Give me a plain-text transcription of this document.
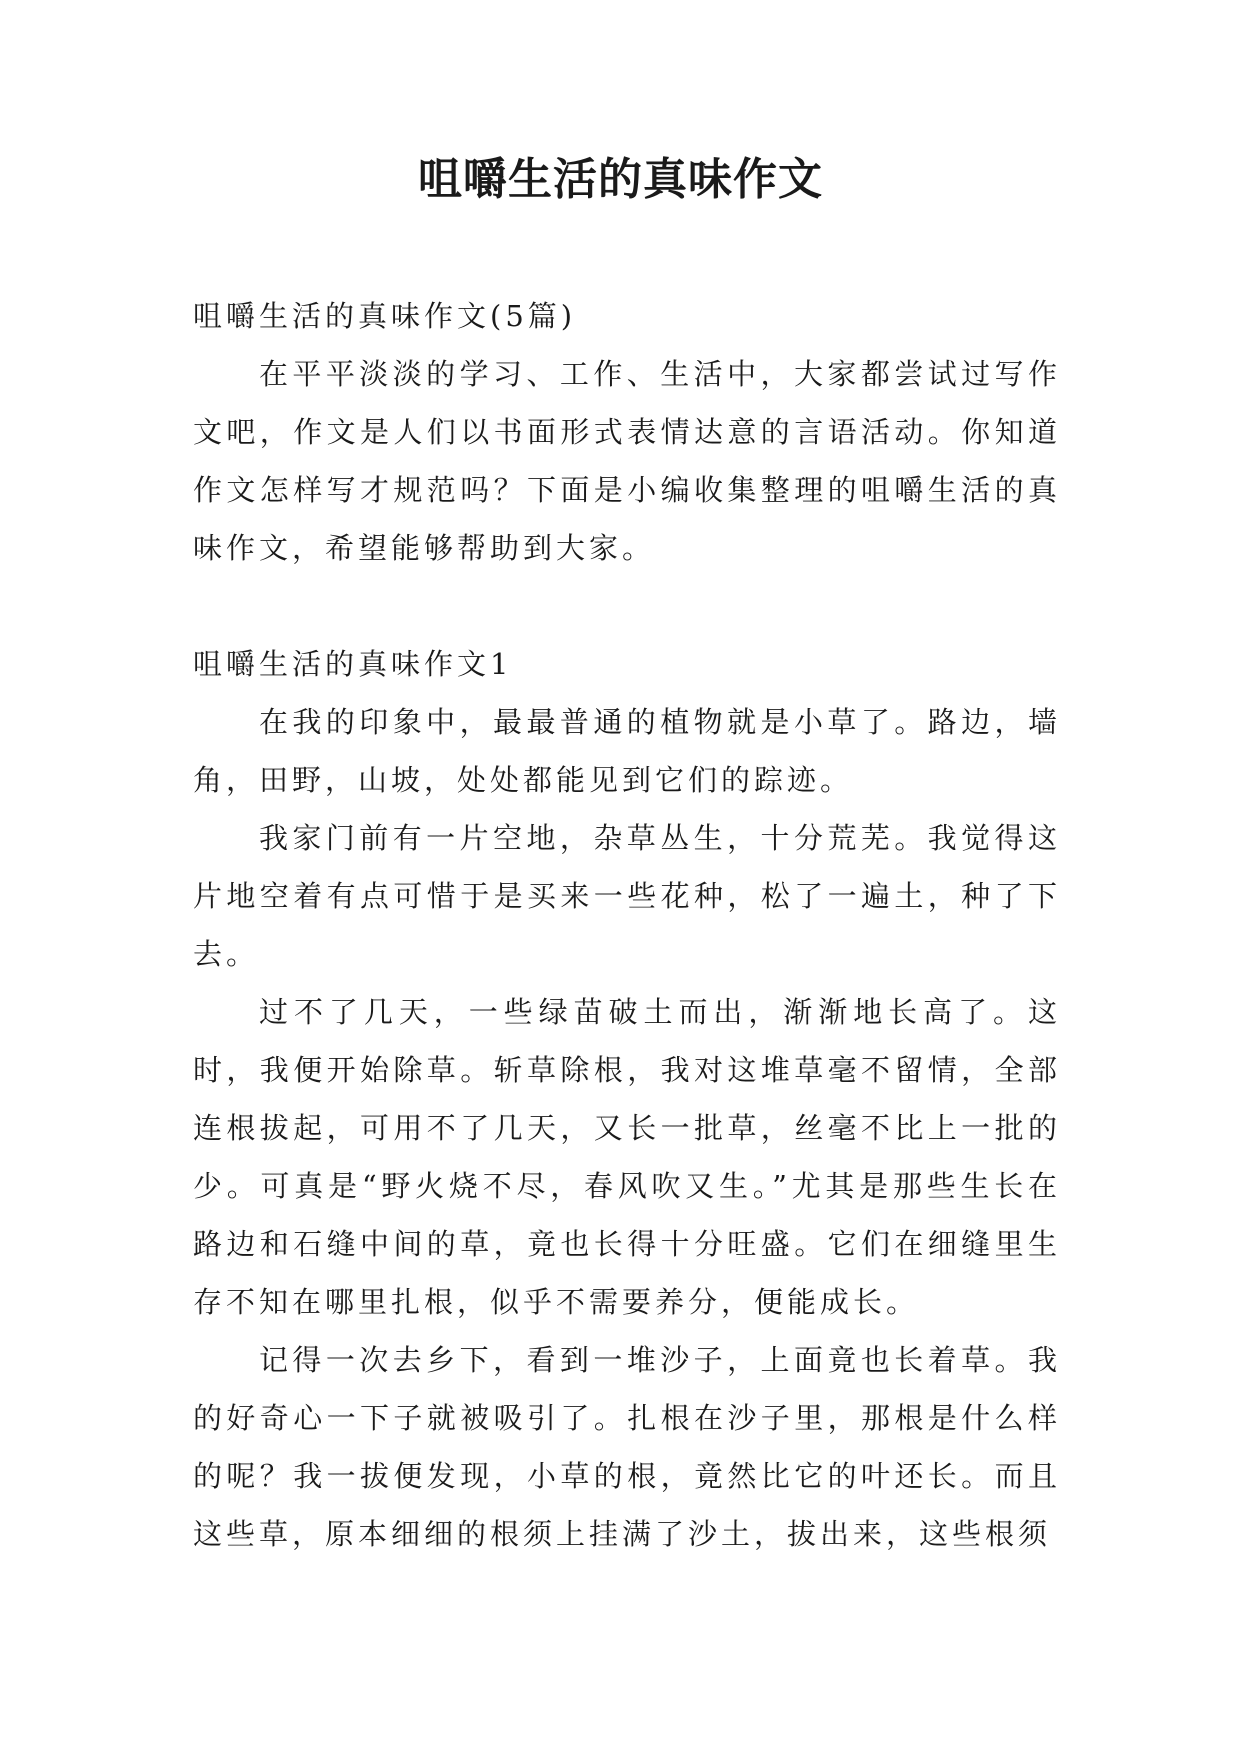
咀嚼生活的真味作文

咀嚼生活的真味作文(5篇)

在平平淡淡的学习、工作、生活中，大家都尝试过写作文吧，作文是人们以书面形式表情达意的言语活动。你知道作文怎样写才规范吗？下面是小编收集整理的咀嚼生活的真味作文，希望能够帮助到大家。

咀嚼生活的真味作文1

在我的印象中，最最普通的植物就是小草了。路边，墙角，田野，山坡，处处都能见到它们的踪迹。

我家门前有一片空地，杂草丛生，十分荒芜。我觉得这片地空着有点可惜于是买来一些花种，松了一遍土，种了下去。

过不了几天，一些绿苗破土而出，渐渐地长高了。这时，我便开始除草。斩草除根，我对这堆草毫不留情，全部连根拔起，可用不了几天，又长一批草，丝毫不比上一批的少。可真是“野火烧不尽，春风吹又生。”尤其是那些生长在路边和石缝中间的草，竟也长得十分旺盛。它们在细缝里生存不知在哪里扎根，似乎不需要养分，便能成长。

记得一次去乡下，看到一堆沙子，上面竟也长着草。我的好奇心一下子就被吸引了。扎根在沙子里，那根是什么样的呢？我一拔便发现，小草的根，竟然比它的叶还长。而且这些草，原本细细的根须上挂满了沙土，拔出来，这些根须
